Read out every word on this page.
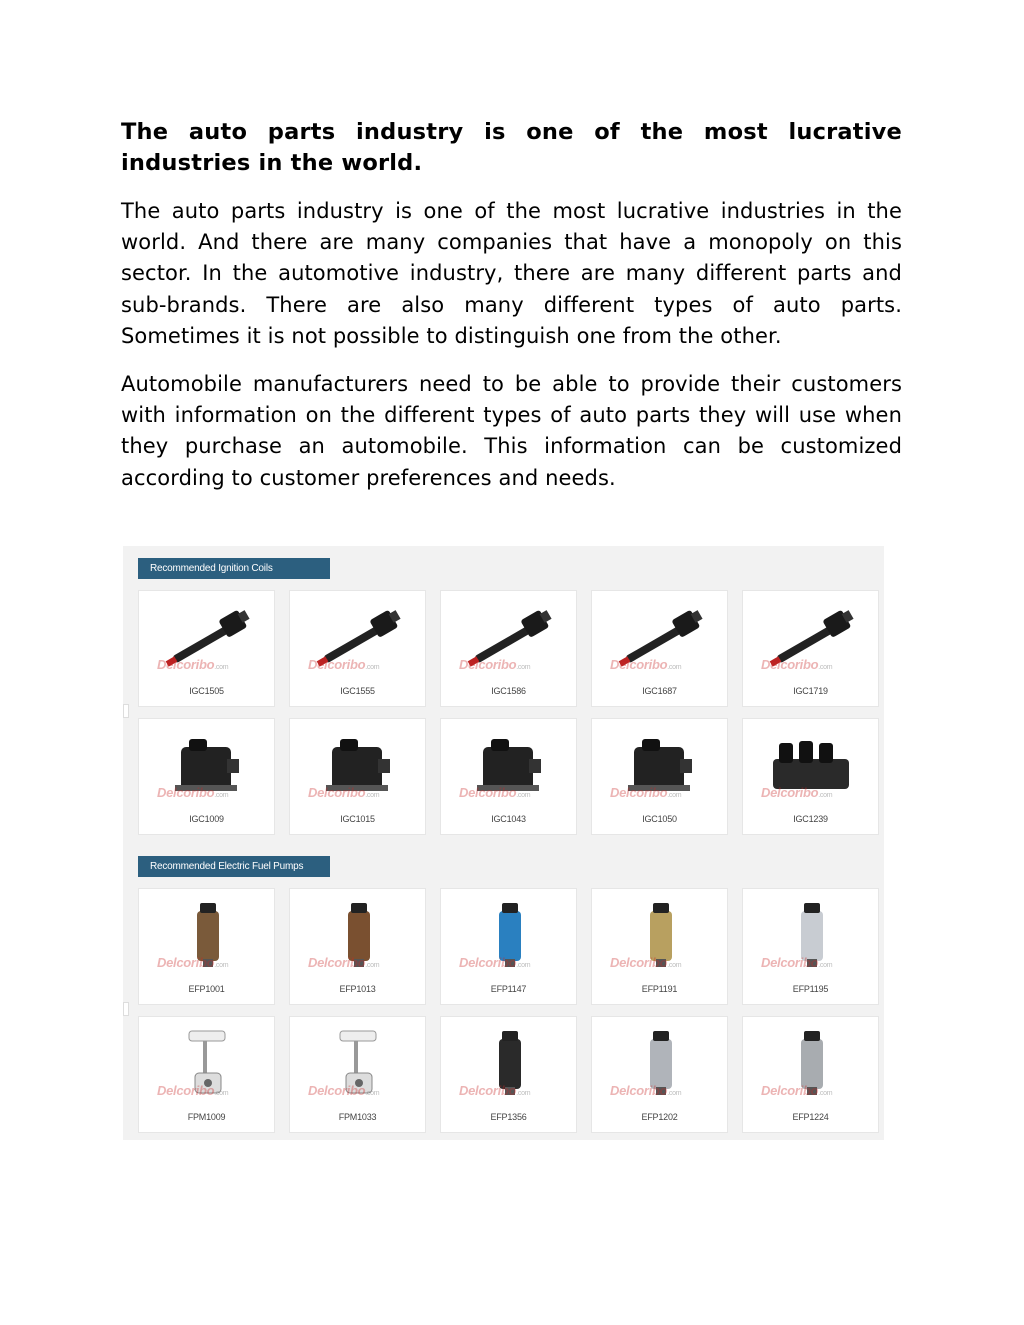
The auto parts industry is one of the most lucrative industries in the world.

The auto parts industry is one of the most lucrative industries in the world. And there are many companies that have a monopoly on this sector. In the automotive industry, there are many different parts and sub-brands. There are also many different types of auto parts. Sometimes it is not possible to distinguish one from the other.

Automobile manufacturers need to be able to provide their customers with information on the different types of auto parts they will use when they purchase an automobile. This information can be customized according to customer preferences and needs.

Recommended Ignition Coils
Delcoribo.com
IGC1505
Delcoribo.com
IGC1555
Delcoribo.com
IGC1586
Delcoribo.com
IGC1687
Delcoribo.com
IGC1719
Delcoribo.com
IGC1009
Delcoribo.com
IGC1015
Delcoribo.com
IGC1043
Delcoribo.com
IGC1050
Delcoribo.com
IGC1239
Recommended Electric Fuel Pumps
Delcoribo.com
EFP1001
Delcoribo.com
EFP1013
Delcoribo.com
EFP1147
Delcoribo.com
EFP1191
Delcoribo.com
EFP1195
Delcoribo.com
FPM1009
Delcoribo.com
FPM1033
Delcoribo.com
EFP1356
Delcoribo.com
EFP1202
Delcoribo.com
EFP1224
